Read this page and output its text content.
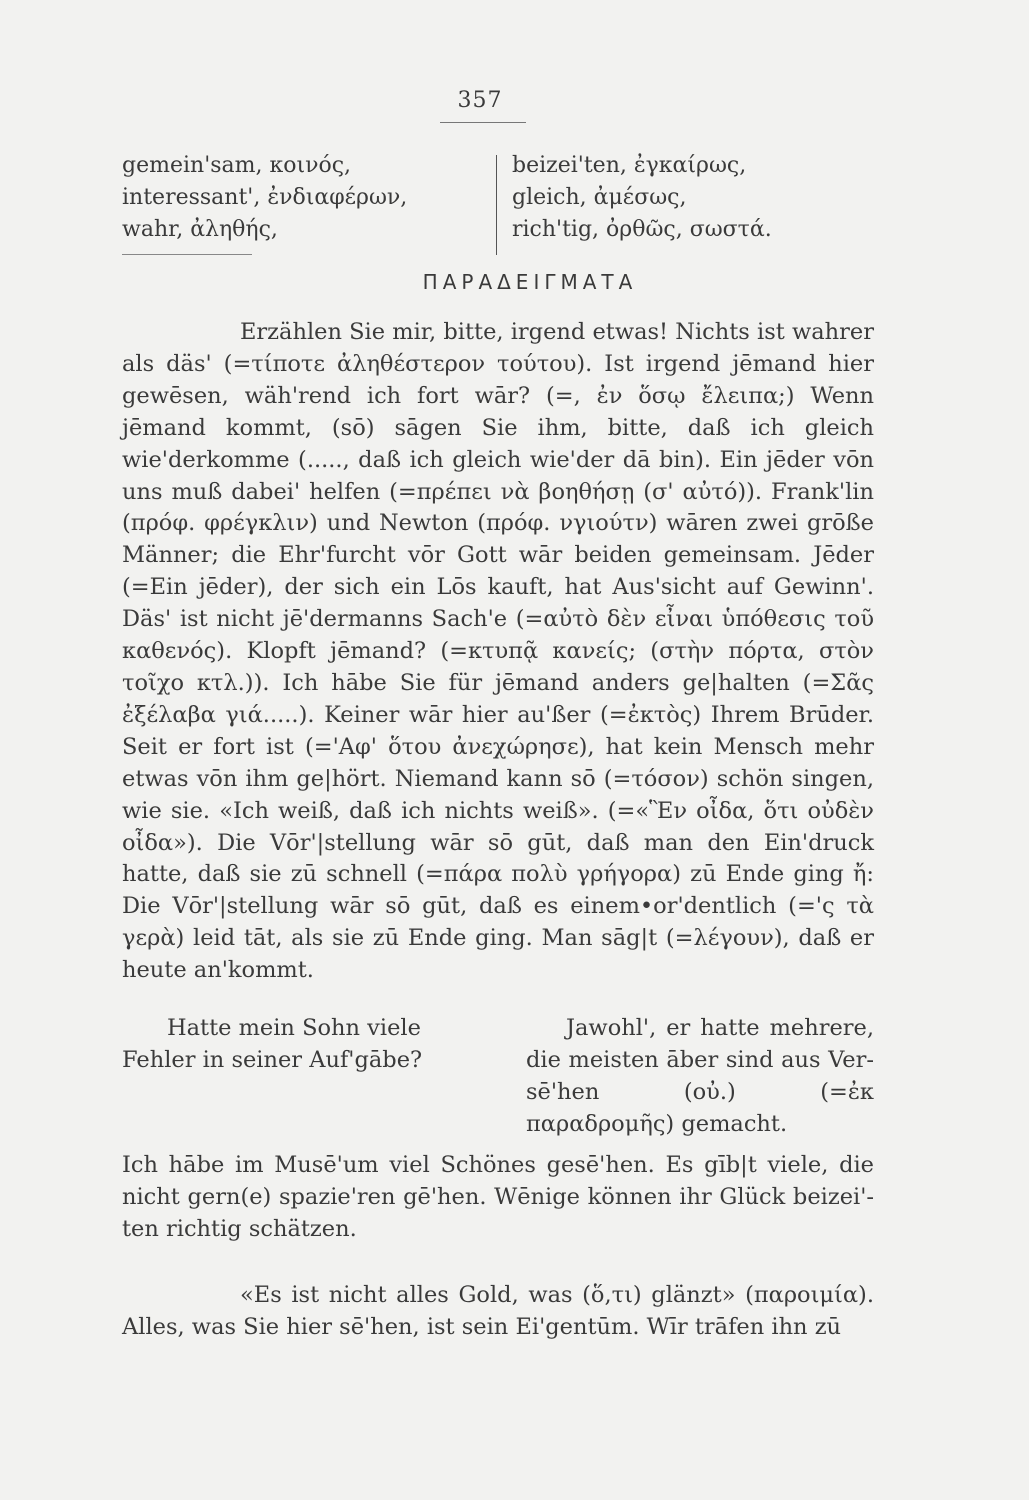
357
gemein'sam, κοινός,
interessant', ἐνδιαφέρων,
wahr, ἀληθής,
beizei'ten, ἐγκαίρως,
gleich, ἀμέσως,
rich'tig, ὀρθῶς, σωστά.
ΠΑΡΑΔΕΙΓΜΑΤΑ
Erzählen Sie mir, bitte, irgend etwas! Nichts ist wahrer als däs' (=τίποτε ἀληθέστερον τούτου). Ist irgend jēmand hier gewēsen, wäh'rend ich fort wār? (=, ἐν ὅσῳ ἔλειπα;) Wenn jēmand kommt, (sō) sāgen Sie ihm, bitte, daß ich gleich wie'derkomme (....., daß ich gleich wie'der dā bin). Ein jēder vōn uns muß dabei' helfen (=πρέπει νὰ βοηθήσῃ (σ' αὐτό)). Frank'lin (πρόφ. φρέγκλιν) und Newton (πρόφ. νγιούτν) wāren zwei grōße Männer; die Ehr'furcht vōr Gott wār beiden gemeinsam. Jēder (=Ein jēder), der sich ein Lōs kauft, hat Aus'sicht auf Gewinn'. Däs' ist nicht jē'dermanns Sach'e (=αὐτὸ δὲν εἶναι ὑπόθεσις τοῦ καθενός). Klopft jēmand? (=κτυπᾷ κανείς; (στὴν πόρτα, στὸν τοῖχο κτλ.)). Ich hābe Sie für jēmand anders ge|halten (=Σᾶς ἐξέλαβα γιά.....). Keiner wār hier au'ßer (=ἐκτὸς) Ihrem Brūder. Seit er fort ist (='Αφ' ὅτου ἀνεχώρησε), hat kein Mensch mehr etwas vōn ihm ge|hört. Niemand kann sō (=τόσον) schön singen, wie sie. «Ich weiß, daß ich nichts weiß». (=«Ἓν οἶδα, ὅτι οὐδὲν οἶδα»). Die Vōr'|stellung wār sō gūt, daß man den Ein'druck hatte, daß sie zū schnell (=πάρα πολὺ γρήγορα) zū Ende ging ἤ: Die Vōr'|stellung wār sō gūt, daß es einem•or'dentlich (='ς τὰ γερὰ) leid tāt, als sie zū Ende ging. Man sāg|t (=λέγουν), daß er heute an'kommt.
Hatte mein Sohn viele Fehler in seiner Auf'gābe?
Jawohl', er hatte mehrere, die meisten āber sind aus Ver-sē'hen (οὐ.) (=ἐκ παραδρομῆς) gemacht.
Ich hābe im Musē'um viel Schönes gesē'hen. Es gīb|t viele, die nicht gern(e) spazie'ren gē'hen. Wēnige können ihr Glück beizei'-ten richtig schätzen.
«Es ist nicht alles Gold, was (ὅ,τι) glänzt» (παροιμία). Alles, was Sie hier sē'hen, ist sein Ei'gentūm. Wīr trāfen ihn zū
